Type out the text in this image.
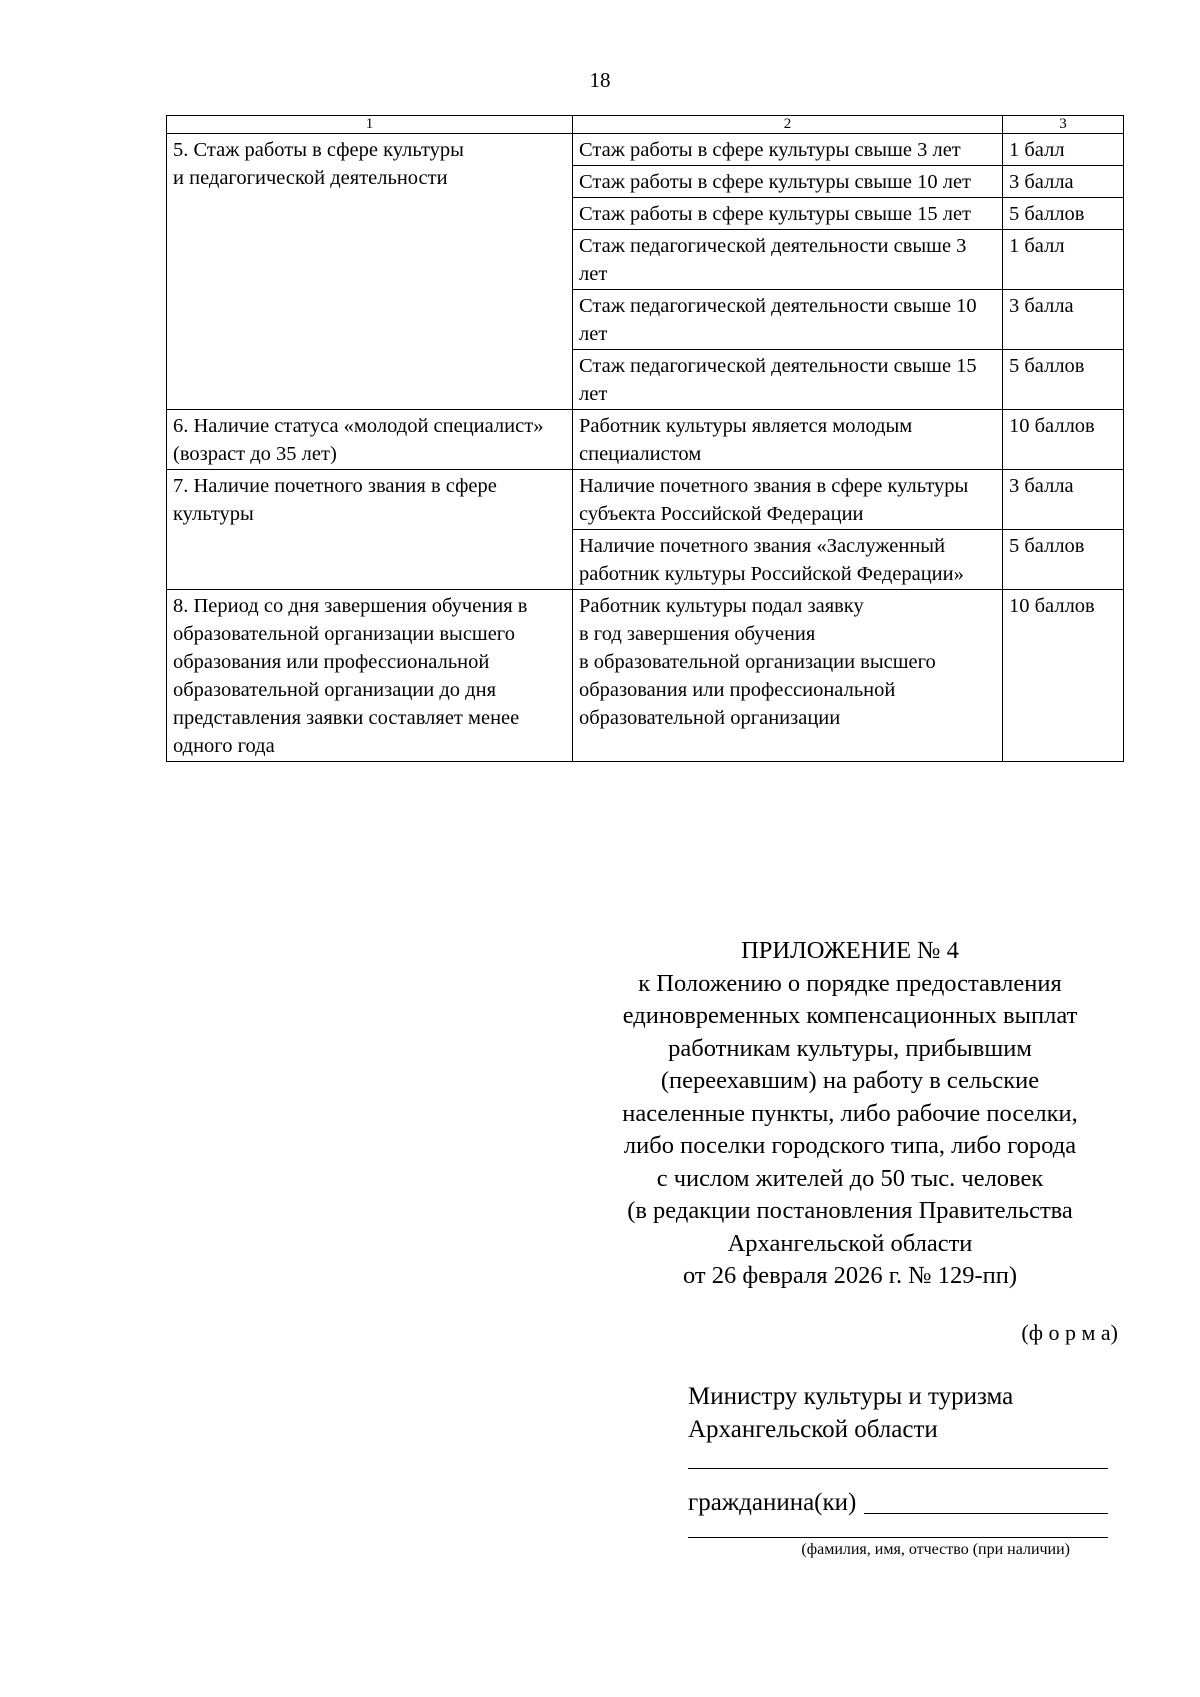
18
1	2	3
5. Стаж работы в сфере культуры
и педагогической деятельности	Стаж работы в сфере культуры свыше 3 лет	1 балл
	Стаж работы в сфере культуры свыше 10 лет	3 балла
	Стаж работы в сфере культуры свыше 15 лет	5 баллов
	Стаж педагогической деятельности свыше 3 лет	1 балл
	Стаж педагогической деятельности свыше 10 лет	3 балла
	Стаж педагогической деятельности свыше 15 лет	5 баллов
6. Наличие статуса «молодой специалист» (возраст до 35 лет)	Работник культуры является молодым специалистом	10 баллов
7. Наличие почетного звания в сфере культуры	Наличие почетного звания в сфере культуры субъекта Российской Федерации	3 балла
	Наличие почетного звания «Заслуженный работник культуры Российской Федерации»	5 баллов
8. Период со дня завершения обучения в образовательной организации высшего образования или профессиональной образовательной организации до дня представления заявки составляет менее одного года	Работник культуры подал заявку
в год завершения обучения
в образовательной организации высшего образования или профессиональной образовательной организации	10 баллов
ПРИЛОЖЕНИЕ № 4
к Положению о порядке предоставления
единовременных компенсационных выплат
работникам культуры, прибывшим
(переехавшим) на работу в сельские
населенные пункты, либо рабочие поселки,
либо поселки городского типа, либо города
с числом жителей до 50 тыс. человек
(в редакции постановления Правительства
Архангельской области
от 26 февраля 2026 г. № 129-пп)
(ф о р м а)
Министру культуры и туризма
Архангельской области
гражданина(ки)
(фамилия, имя, отчество (при наличии)
